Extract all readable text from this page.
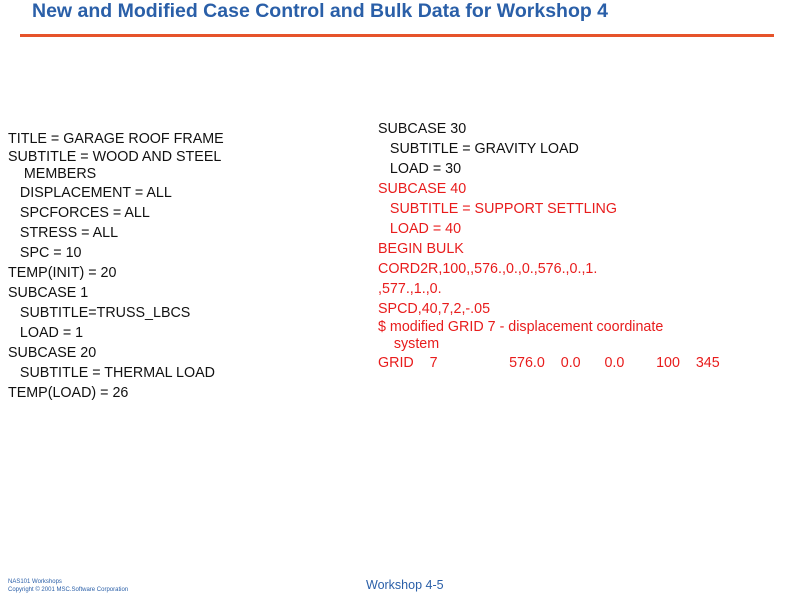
New and Modified Case Control and Bulk Data for Workshop 4
TITLE = GARAGE ROOF FRAME
SUBTITLE = WOOD AND STEEL
MEMBERS
DISPLACEMENT = ALL
SPCFORCES = ALL
STRESS = ALL
SPC = 10
TEMP(INIT) = 20
SUBCASE 1
SUBTITLE=TRUSS_LBCS
LOAD = 1
SUBCASE 20
SUBTITLE = THERMAL LOAD
TEMP(LOAD) = 26
SUBCASE 30
SUBTITLE = GRAVITY LOAD
LOAD = 30
SUBCASE 40
SUBTITLE = SUPPORT SETTLING
LOAD = 40
BEGIN BULK
CORD2R,100,,576.,0.,0.,576.,0.,1.
,577.,1.,0.
SPCD,40,7,2,-.05
$ modified GRID 7 - displacement coordinate
system
GRID    7                  576.0    0.0      0.0        100    345
NAS101 Workshops
Copyright © 2001 MSC.Software Corporation	Workshop 4-5
